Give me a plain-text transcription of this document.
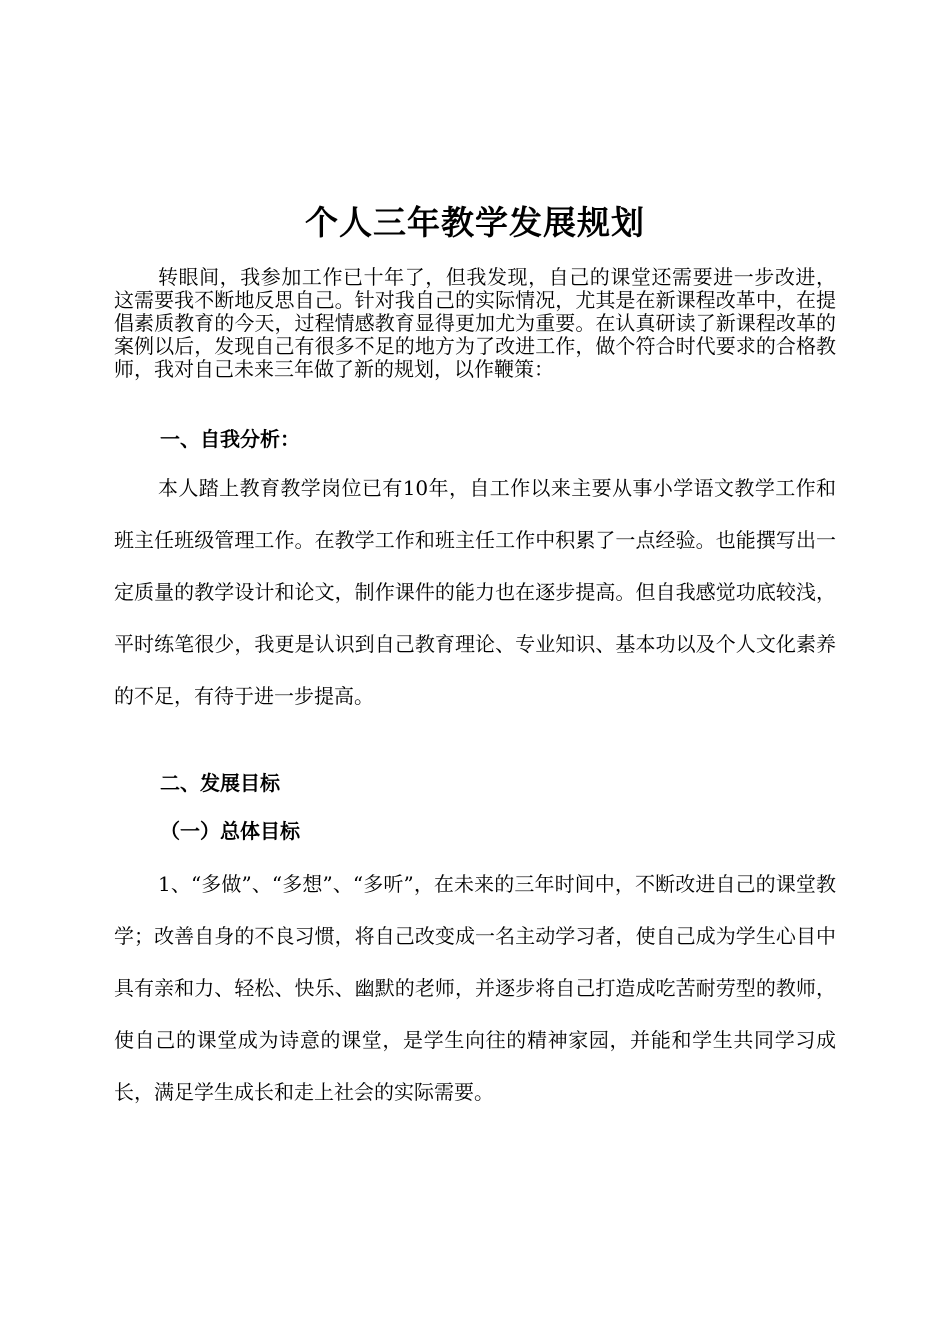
个人三年教学发展规划

转眼间，我参加工作已十年了，但我发现，自己的课堂还需要进一步改进，这需要我不断地反思自己。针对我自己的实际情况，尤其是在新课程改革中，在提倡素质教育的今天，过程情感教育显得更加尤为重要。在认真研读了新课程改革的案例以后，发现自己有很多不足的地方为了改进工作，做个符合时代要求的合格教师，我对自己未来三年做了新的规划，以作鞭策：

一、自我分析：

本人踏上教育教学岗位已有10年，自工作以来主要从事小学语文教学工作和班主任班级管理工作。在教学工作和班主任工作中积累了一点经验。也能撰写出一定质量的教学设计和论文，制作课件的能力也在逐步提高。但自我感觉功底较浅，平时练笔很少，我更是认识到自己教育理论、专业知识、基本功以及个人文化素养的不足，有待于进一步提高。

二、发展目标
（一）总体目标

1、“多做”、“多想”、“多听”，在未来的三年时间中，不断改进自己的课堂教学；改善自身的不良习惯，将自己改变成一名主动学习者，使自己成为学生心目中具有亲和力、轻松、快乐、幽默的老师，并逐步将自己打造成吃苦耐劳型的教师，使自己的课堂成为诗意的课堂，是学生向往的精神家园，并能和学生共同学习成长，满足学生成长和走上社会的实际需要。
